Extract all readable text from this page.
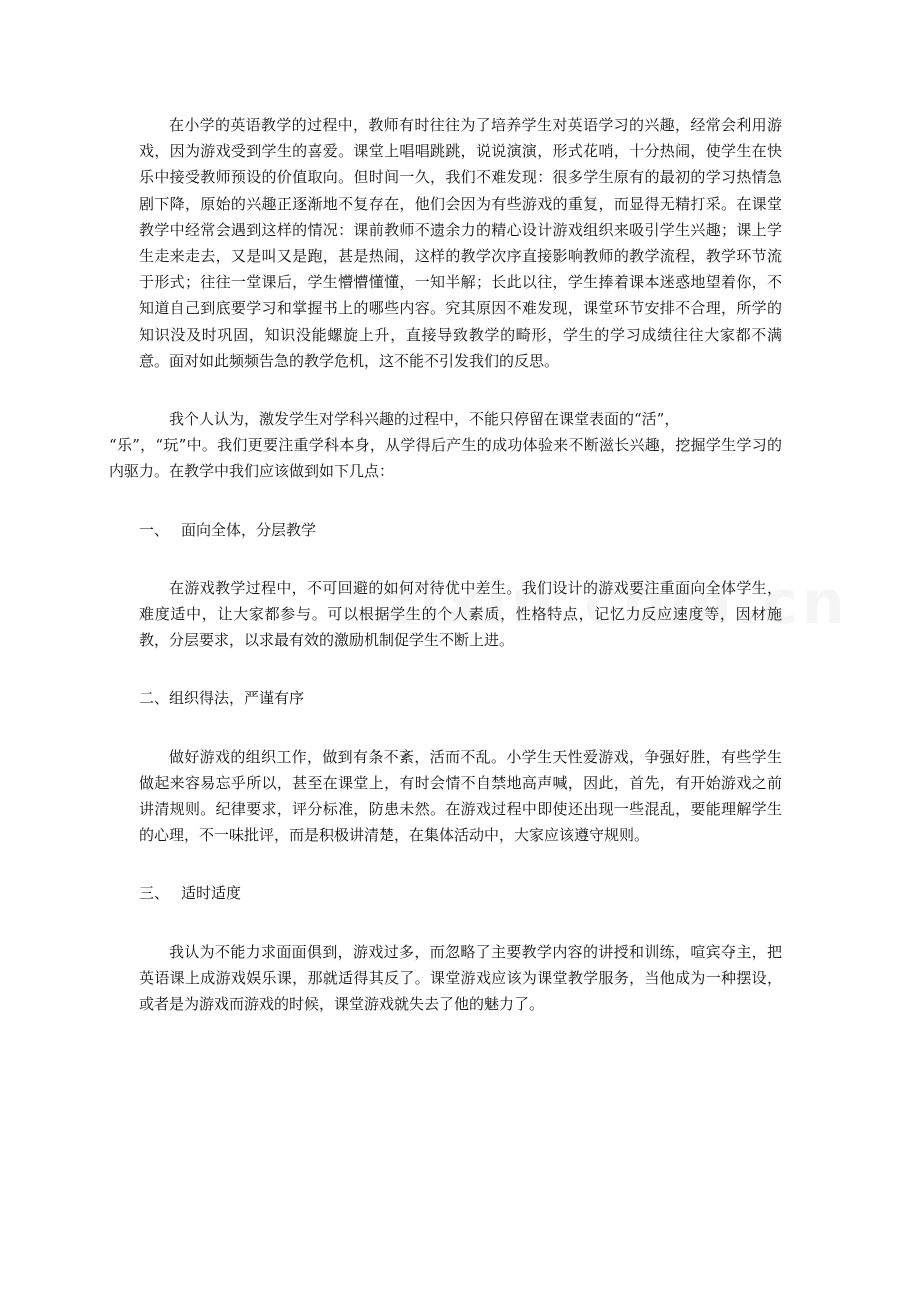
在小学的英语教学的过程中，教师有时往往为了培养学生对英语学习的兴趣，经常会利用游戏，因为游戏受到学生的喜爱。课堂上唱唱跳跳，说说演演，形式花哨，十分热闹，使学生在快乐中接受教师预设的价值取向。但时间一久，我们不难发现：很多学生原有的最初的学习热情急剧下降，原始的兴趣正逐渐地不复存在，他们会因为有些游戏的重复，而显得无精打采。在课堂教学中经常会遇到这样的情况：课前教师不遗余力的精心设计游戏组织来吸引学生兴趣；课上学生走来走去，又是叫又是跑，甚是热闹，这样的教学次序直接影响教师的教学流程，教学环节流于形式；往往一堂课后，学生懵懵懂懂，一知半解；长此以往，学生捧着课本迷惑地望着你，不知道自己到底要学习和掌握书上的哪些内容。究其原因不难发现，课堂环节安排不合理，所学的知识没及时巩固，知识没能螺旋上升，直接导致教学的畸形，学生的学习成绩往往大家都不满意。面对如此频频告急的教学危机，这不能不引发我们的反思。

我个人认为，激发学生对学科兴趣的过程中，不能只停留在课堂表面的“活”，
“乐”，“玩”中。我们更要注重学科本身，从学得后产生的成功体验来不断滋长兴趣，挖掘学生学习的内驱力。在教学中我们应该做到如下几点：

一、 面向全体，分层教学

在游戏教学过程中，不可回避的如何对待优中差生。我们设计的游戏要注重面向全体学生，难度适中，让大家都参与。可以根据学生的个人素质，性格特点，记忆力反应速度等，因材施教，分层要求，以求最有效的激励机制促学生不断上进。

二、组织得法，严谨有序

做好游戏的组织工作，做到有条不紊，活而不乱。小学生天性爱游戏，争强好胜，有些学生做起来容易忘乎所以，甚至在课堂上，有时会情不自禁地高声喊，因此，首先，有开始游戏之前讲清规则。纪律要求，评分标准，防患未然。在游戏过程中即使还出现一些混乱，要能理解学生的心理，不一味批评，而是积极讲清楚，在集体活动中，大家应该遵守规则。

三、 适时适度

我认为不能力求面面俱到，游戏过多，而忽略了主要教学内容的讲授和训练，喧宾夺主，把英语课上成游戏娱乐课，那就适得其反了。课堂游戏应该为课堂教学服务，当他成为一种摆设，或者是为游戏而游戏的时候，课堂游戏就失去了他的魅力了。
